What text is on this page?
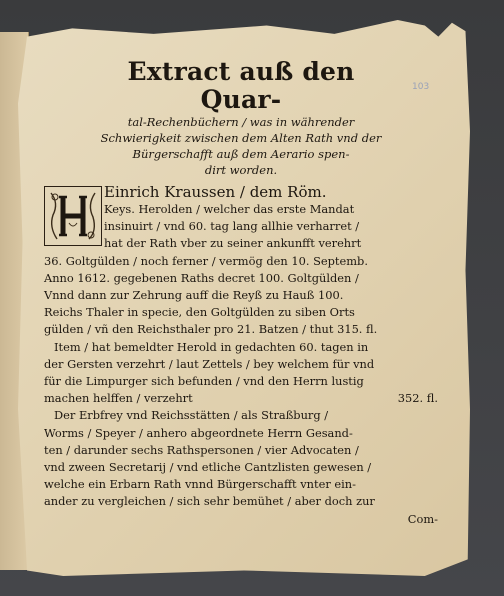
103
Extract auß den Quar-
tal-Rechenbüchern / was in währender
Schwierigkeit zwischen dem Alten Rath vnd der
Bürgerschafft auß dem Aerario spen-
dirt worden.
Einrich Kraussen / dem Röm.
Keys. Herolden / welcher das erste Mandat
insinuirt / vnd 60. tag lang allhie verharret /
hat der Rath vber zu seiner ankunfft verehrt
36. Goltgülden / noch ferner / vermög den 10. Septemb.
Anno 1612. gegebenen Raths decret 100. Goltgülden /
Vnnd dann zur Zehrung auff die Reyß zu Hauß 100.
Reichs Thaler in specie, den Goltgülden zu siben Orts
gülden / vñ den Reichsthaler pro 21. Batzen / thut 315. fl.
Item / hat bemeldter Herold in gedachten 60. tagen in
der Gersten verzehrt / laut Zettels / bey welchem für vnd
für die Limpurger sich befunden / vnd den Herrn lustig
machen helffen / verzehrt	352. fl.
Der Erbfrey vnd Reichsstätten / als Straßburg /
Worms / Speyer / anhero abgeordnete Herrn Gesand-
ten / darunder sechs Rathspersonen / vier Advocaten /
vnd zween Secretarij / vnd etliche Cantzlisten gewesen /
welche ein Erbarn Rath vnnd Bürgerschafft vnter ein-
ander zu vergleichen / sich sehr bemühet / aber doch zur
Com-
